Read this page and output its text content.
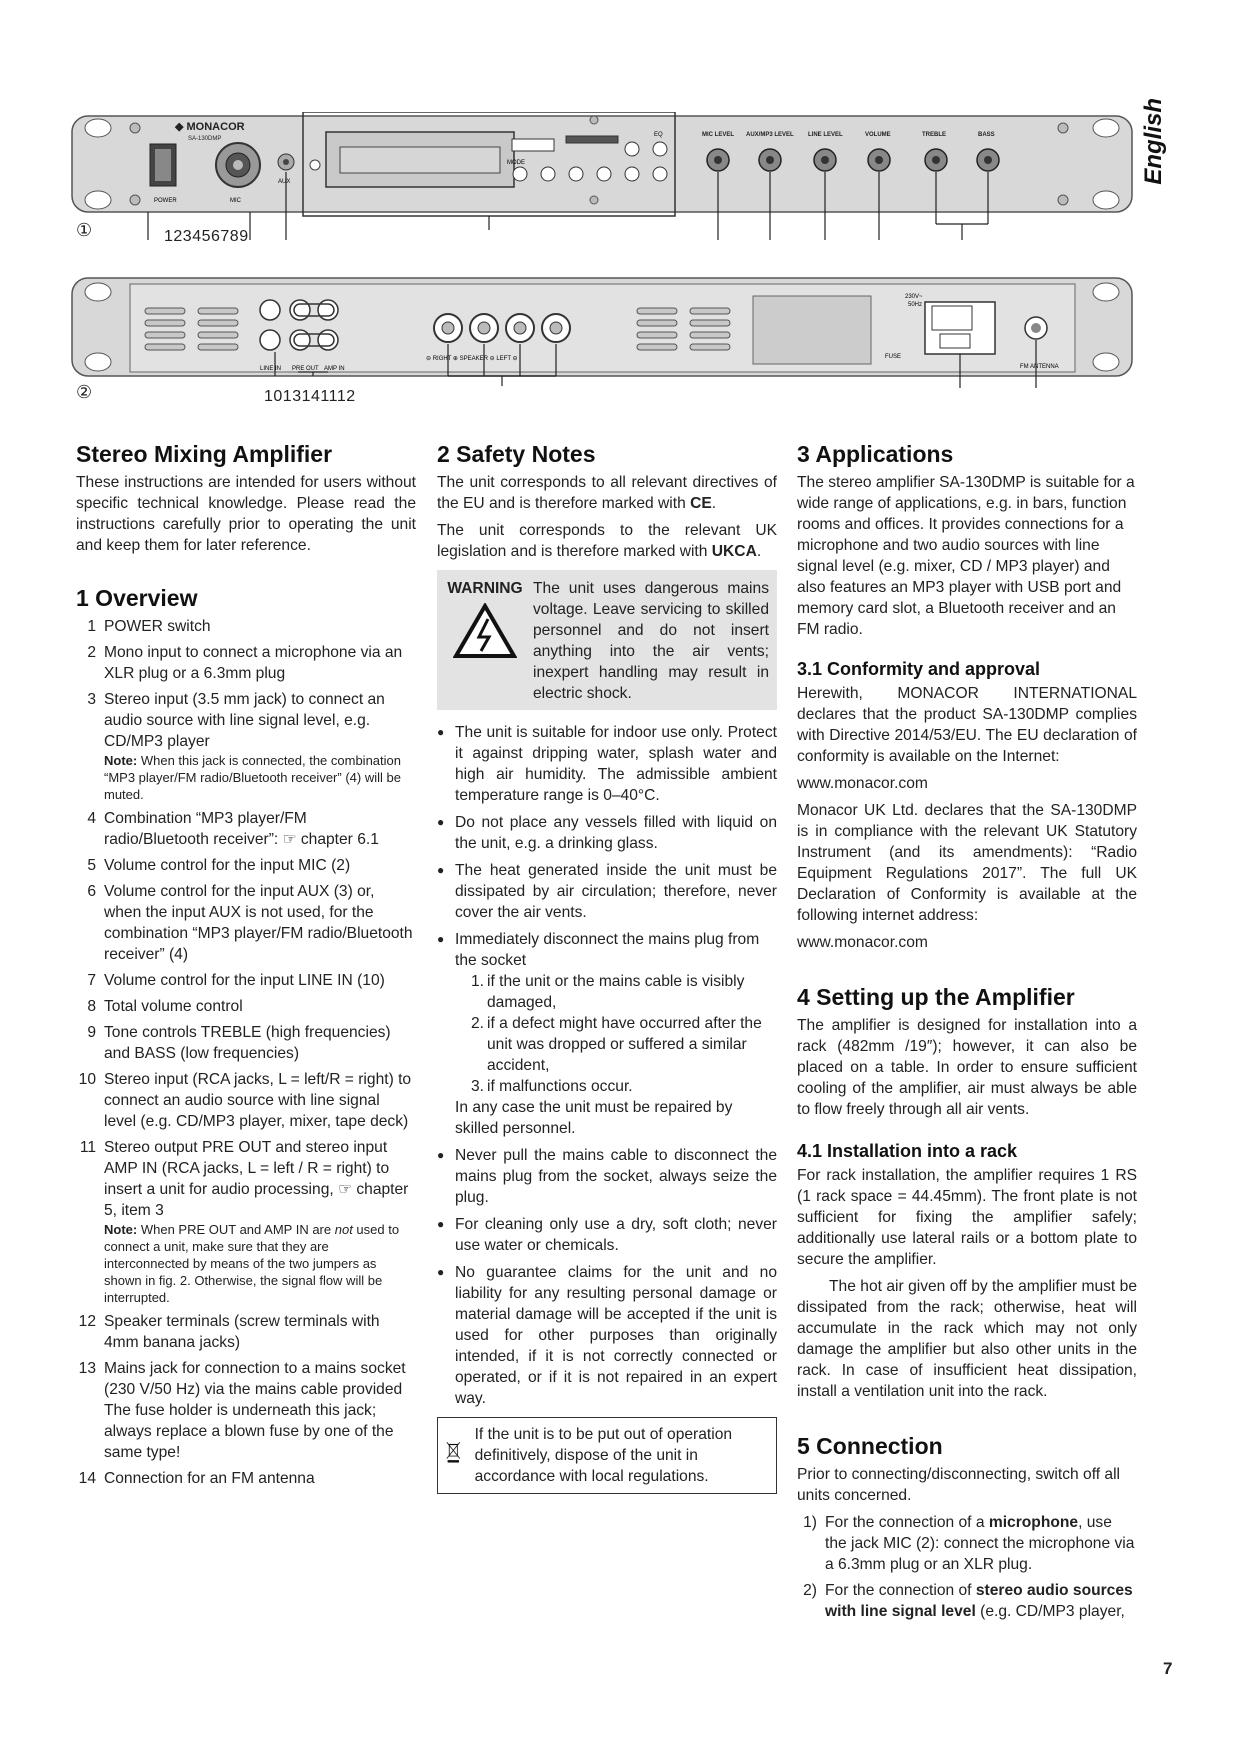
English
◆ MONACOR
SA-130DMP
POWER	MIC
AUX
MODE
EQ	MIC LEVEL AUX/MP3 LEVEL LINE LEVEL	VOLUME	TREBLE	BASS
①	123456789
LINE IN PRE OUT AMP IN
⊖ RIGHT ⊕ SPEAKER ⊖ LEFT ⊖
230V~
50Hz
FUSE
FM ANTENNA
②	1013141112
Stereo Mixing Amplifier

These instructions are intended for users without specific technical knowledge. Please read the instructions carefully prior to operating the unit and keep them for later reference.

1 Overview
1 POWER switch
2 Mono input to connect a microphone via an XLR plug or a 6.3mm plug
3 Stereo input (3.5 mm jack) to connect an audio source with line signal level, e.g. CD/MP3 player
Note: When this jack is connected, the combination “MP3 player/FM radio/Bluetooth receiver” (4) will be muted.
4 Combination “MP3 player/FM radio/Bluetooth receiver”: ☞ chapter 6.1
5 Volume control for the input MIC (2)
6 Volume control for the input AUX (3) or, when the input AUX is not used, for the combination “MP3 player/FM radio/Bluetooth receiver” (4)
7 Volume control for the input LINE IN (10)
8 Total volume control
9 Tone controls TREBLE (high frequencies) and BASS (low frequencies)
10 Stereo input (RCA jacks, L = left/R = right) to connect an audio source with line signal level (e.g. CD/MP3 player, mixer, tape deck)
11 Stereo output PRE OUT and stereo input AMP IN (RCA jacks, L = left / R = right) to insert a unit for audio processing, ☞ chapter 5, item 3
Note: When PRE OUT and AMP IN are not used to connect a unit, make sure that they are interconnected by means of the two jumpers as shown in fig. 2. Otherwise, the signal flow will be interrupted.
12 Speaker terminals (screw terminals with 4mm banana jacks)
13 Mains jack for connection to a mains socket (230 V/50 Hz) via the mains cable provided
The fuse holder is underneath this jack; always replace a blown fuse by one of the same type!
14 Connection for an FM antenna
2 Safety Notes

The unit corresponds to all relevant directives of the EU and is therefore marked with CE.

The unit corresponds to the relevant UK legislation and is therefore marked with UKCA.

WARNING The unit uses dangerous mains voltage. Leave servicing to skilled personnel and do not insert anything into the air vents; inexpert handling may result in electric shock.
● The unit is suitable for indoor use only. Protect it against dripping water, splash water and high air humidity. The admissible ambient temperature range is 0–40°C.
● Do not place any vessels filled with liquid on the unit, e.g. a drinking glass.
● The heat generated inside the unit must be dissipated by air circulation; therefore, never cover the air vents.
● Immediately disconnect the mains plug from the socket
1. if the unit or the mains cable is visibly damaged,
2. if a defect might have occurred after the unit was dropped or suffered a similar accident,
3. if malfunctions occur.
In any case the unit must be repaired by skilled personnel.
● Never pull the mains cable to disconnect the mains plug from the socket, always seize the plug.
● For cleaning only use a dry, soft cloth; never use water or chemicals.
● No guarantee claims for the unit and no liability for any resulting personal damage or material damage will be accepted if the unit is used for other purposes than originally intended, if it is not correctly connected or operated, or if it is not repaired in an expert way.
If the unit is to be put out of operation definitively, dispose of the unit in accordance with local regulations.
3 Applications

The stereo amplifier SA-130DMP is suitable for a wide range of applications, e.g. in bars, function rooms and offices. It provides connections for a microphone and two audio sources with line signal level (e.g. mixer, CD / MP3 player) and also features an MP3 player with USB port and memory card slot, a Bluetooth receiver and an FM radio.

3.1 Conformity and approval

Herewith, MONACOR INTERNATIONAL declares that the product SA-130DMP complies with Directive 2014/53/EU. The EU declaration of conformity is available on the Internet:

www.monacor.com

Monacor UK Ltd. declares that the SA-130DMP is in compliance with the relevant UK Statutory Instrument (and its amendments): “Radio Equipment Regulations 2017”. The full UK Declaration of Conformity is available at the following internet address:

www.monacor.com

4 Setting up the Amplifier

The amplifier is designed for installation into a rack (482mm /19″); however, it can also be placed on a table. In order to ensure sufficient cooling of the amplifier, air must always be able to flow freely through all air vents.

4.1 Installation into a rack

For rack installation, the amplifier requires 1 RS (1 rack space = 44.45mm). The front plate is not sufficient for fixing the amplifier safely; additionally use lateral rails or a bottom plate to secure the amplifier.

The hot air given off by the amplifier must be dissipated from the rack; otherwise, heat will accumulate in the rack which may not only damage the amplifier but also other units in the rack. In case of insufficient heat dissipation, install a ventilation unit into the rack.

5 Connection

Prior to connecting/disconnecting, switch off all units concerned.

1) For the connection of a microphone, use the jack MIC (2): connect the microphone via a 6.3mm plug or an XLR plug.
2) For the connection of stereo audio sources with line signal level (e.g. CD/MP3 player,
7
